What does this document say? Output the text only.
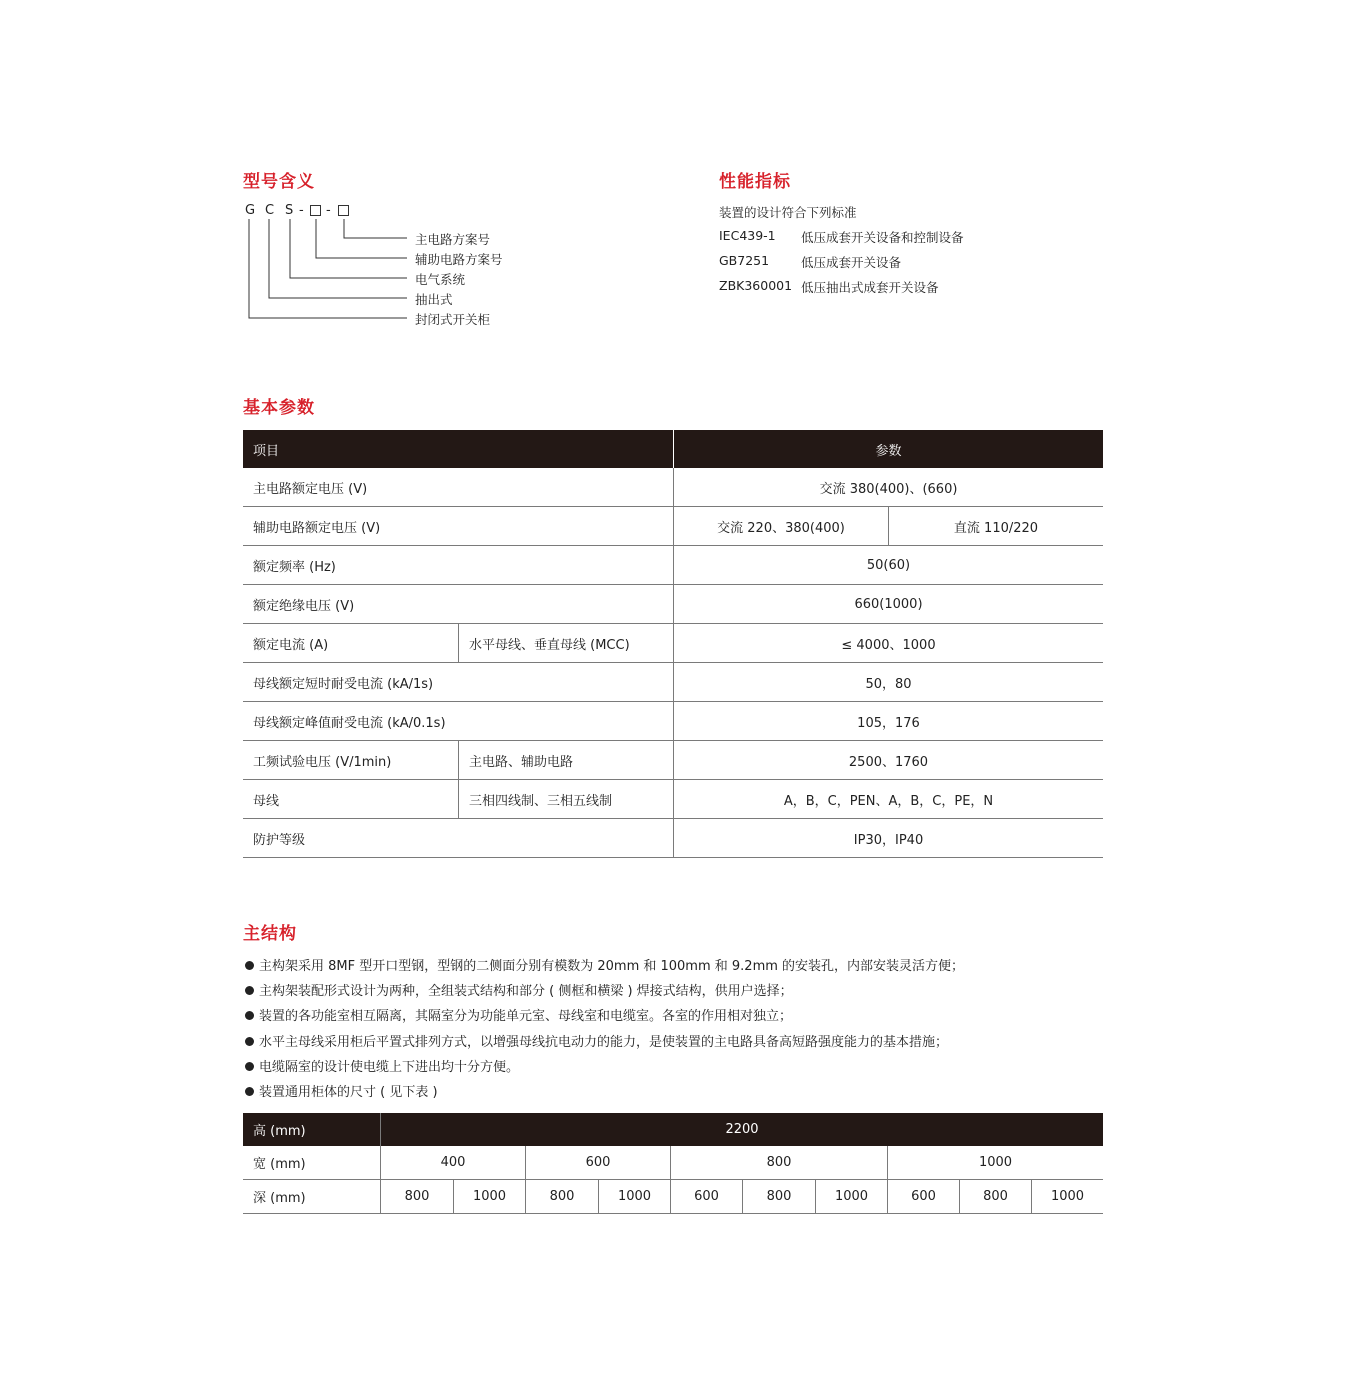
型号含义
G C S - -
主电路方案号
辅助电路方案号
电气系统
抽出式
封闭式开关柜
性能指标
装置的设计符合下列标准
IEC439-1 低压成套开关设备和控制设备
GB7251	低压成套开关设备
ZBK360001 低压抽出式成套开关设备
基本参数
项目	参数
主电路额定电压 (V)	交流 380(400)、(660)
辅助电路额定电压 (V)	交流 220、380(400)	直流 110/220
额定频率 (Hz)	50(60)
额定绝缘电压 (V)	660(1000)
额定电流 (A)	水平母线、垂直母线 (MCC)	≤ 4000、1000
母线额定短时耐受电流 (kA/1s)	50，80
母线额定峰值耐受电流 (kA/0.1s)	105，176
工频试验电压 (V/1min)	主电路、辅助电路	2500、1760
母线	三相四线制、三相五线制	A，B，C，PEN、A，B，C，PE，N
防护等级	IP30，IP40
主结构
主构架采用 8MF 型开口型钢，型钢的二侧面分别有模数为 20mm 和 100mm 和 9.2mm 的安装孔，内部安装灵活方便；
主构架装配形式设计为两种，全组装式结构和部分 ( 侧框和横梁 ) 焊接式结构，供用户选择；
装置的各功能室相互隔离，其隔室分为功能单元室、母线室和电缆室。各室的作用相对独立；
水平主母线采用柜后平置式排列方式，以增强母线抗电动力的能力，是使装置的主电路具备高短路强度能力的基本措施；
电缆隔室的设计使电缆上下进出均十分方便。
装置通用柜体的尺寸 ( 见下表 )
高 (mm)	2200
宽 (mm)	400	600	800	1000
深 (mm)	800	1000	800	1000	600	800	1000	600	800	1000
